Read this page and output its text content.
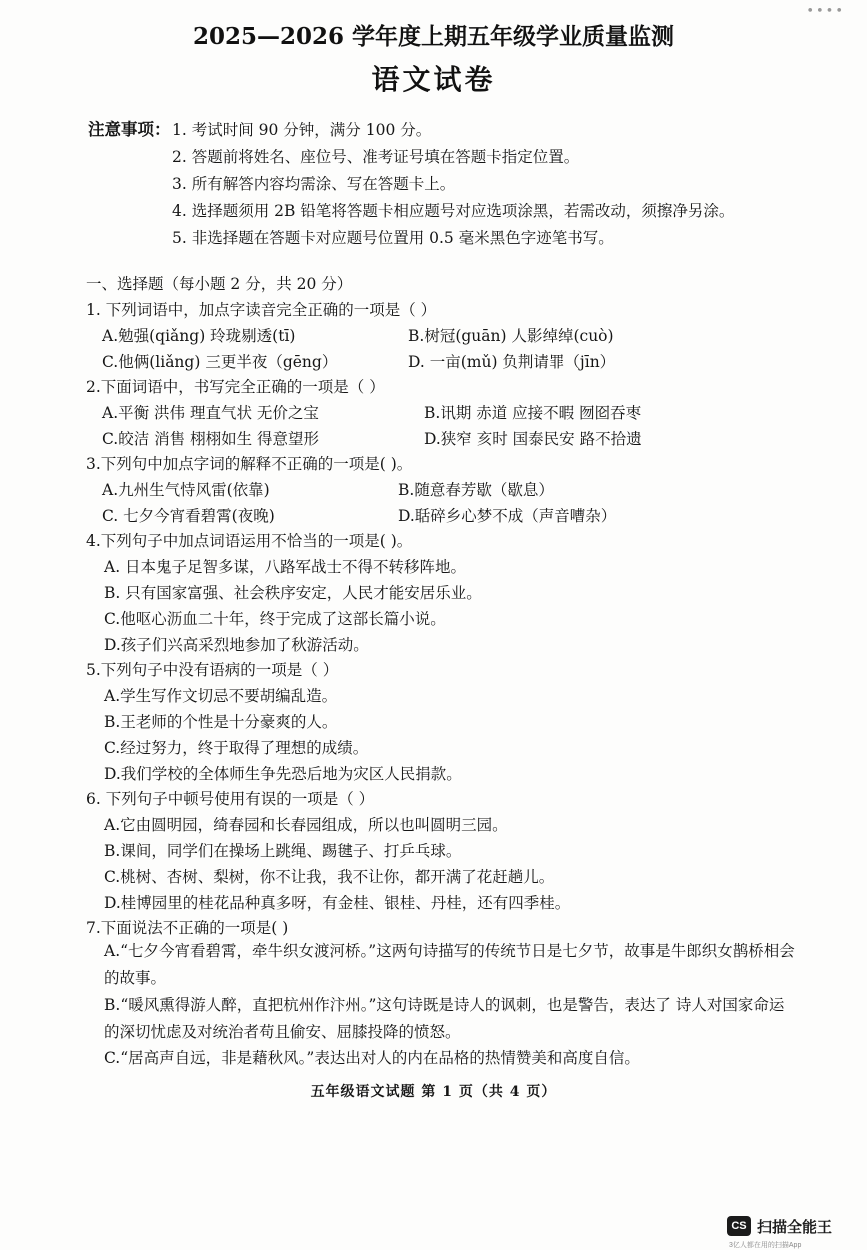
••••
2025—2026 学年度上期五年级学业质量监测
语文试卷
注意事项： 1. 考试时间 90 分钟，满分 100 分。
2. 答题前将姓名、座位号、准考证号填在答题卡指定位置。
3. 所有解答内容均需涂、写在答题卡上。
4. 选择题须用 2B 铅笔将答题卡相应题号对应选项涂黑，若需改动，须擦净另涂。
5. 非选择题在答题卡对应题号位置用 0.5 毫米黑色字迹笔书写。
一、选择题（每小题 2 分，共 20 分）
1. 下列词语中，加点字读音完全正确的一项是（ ）
A.勉强(qiǎng) 玲珑剔透(tī)	B.树冠(guān) 人影绰绰(cuò)
C.他俩(liǎng) 三更半夜（gēng）	D. 一亩(mǔ) 负荆请罪（jīn）
2.下面词语中，书写完全正确的一项是（ ）
A.平衡 洪伟 理直气状 无价之宝	B.讯期 赤道 应接不暇 囫囵吞枣
C.皎洁 消售 栩栩如生 得意望形	D.狭窄 亥时 国泰民安 路不拾遗
3.下列句中加点字词的解释不正确的一项是( )。
A.九州生气恃风雷(依靠)	B.随意春芳歇（歇息）
C. 七夕今宵看碧霄(夜晚)	D.聒碎乡心梦不成（声音嘈杂）
4.下列句子中加点词语运用不恰当的一项是( )。
A. 日本鬼子足智多谋，八路军战士不得不转移阵地。
B. 只有国家富强、社会秩序安定，人民才能安居乐业。
C.他呕心沥血二十年，终于完成了这部长篇小说。
D.孩子们兴高采烈地参加了秋游活动。
5.下列句子中没有语病的一项是（ ）
A.学生写作文切忌不要胡编乱造。
B.王老师的个性是十分豪爽的人。
C.经过努力，终于取得了理想的成绩。
D.我们学校的全体师生争先恐后地为灾区人民捐款。
6. 下列句子中顿号使用有误的一项是（ ）
A.它由圆明园，绮春园和长春园组成，所以也叫圆明三园。
B.课间，同学们在操场上跳绳、踢毽子、打乒乓球。
C.桃树、杏树、梨树，你不让我，我不让你，都开满了花赶趟儿。
D.桂博园里的桂花品种真多呀，有金桂、银桂、丹桂，还有四季桂。
7.下面说法不正确的一项是( )
A.“七夕今宵看碧霄，牵牛织女渡河桥。”这两句诗描写的传统节日是七夕节，故事是牛郎织女鹊桥相会的故事。
B.“暖风熏得游人醉，直把杭州作汴州。”这句诗既是诗人的讽刺，也是警告，表达了 诗人对国家命运的深切忧虑及对统治者苟且偷安、屈膝投降的愤怒。
C.“居高声自远，非是藉秋风。”表达出对人的内在品格的热情赞美和高度自信。
五年级语文试题 第 1 页（共 4 页）
CS 扫描全能王
3亿人都在用的扫描App
